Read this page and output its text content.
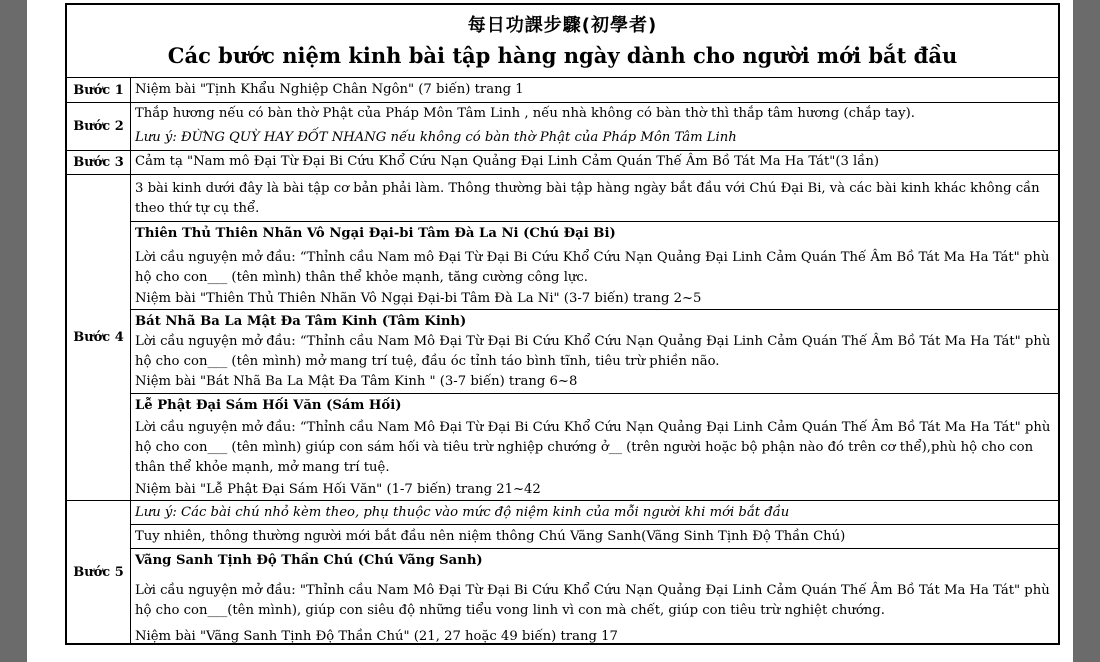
每日功課步驟(初學者)
Các bước niệm kinh bài tập hàng ngày dành cho người mới bắt đầu
Bước 1
Bước 2
Bước 3
Bước 4
Bước 5
Niệm bài "Tịnh Khẩu Nghiệp Chân Ngôn" (7 biến) trang 1
Thắp hương nếu có bàn thờ Phật của Pháp Môn Tâm Linh , nếu nhà không có bàn thờ thì thắp tâm hương (chắp tay).
Lưu ý: ĐỪNG QUỲ HAY ĐỐT NHANG nếu không có bàn thờ Phật của Pháp Môn Tâm Linh
Cảm tạ "Nam mô Đại Từ Đại Bi Cứu Khổ Cứu Nạn Quảng Đại Linh Cảm Quán Thế Âm Bồ Tát Ma Ha Tát"(3 lần)
3 bài kinh dưới đây là bài tập cơ bản phải làm. Thông thường bài tập hàng ngày bắt đầu với Chú Đại Bi, và các bài kinh khác không cần theo thứ tự cụ thể.
Thiên Thủ Thiên Nhãn Vô Ngại Đại-bi Tâm Đà La Ni (Chú Đại Bi)
Lời cầu nguyện mở đầu: “Thỉnh cầu Nam mô Đại Từ Đại Bi Cứu Khổ Cứu Nạn Quảng Đại Linh Cảm Quán Thế Âm Bồ Tát Ma Ha Tát" phù hộ cho con___ (tên mình) thân thể khỏe mạnh, tăng cường công lực.
Niệm bài "Thiên Thủ Thiên Nhãn Vô Ngại Đại-bi Tâm Đà La Ni" (3-7 biến) trang 2~5
Bát Nhã Ba La Mật Đa Tâm Kinh (Tâm Kinh)
Lời cầu nguyện mở đầu: “Thỉnh cầu Nam Mô Đại Từ Đại Bi Cứu Khổ Cứu Nạn Quảng Đại Linh Cảm Quán Thế Âm Bồ Tát Ma Ha Tát" phù hộ cho con___ (tên mình) mở mang trí tuệ, đầu óc tỉnh táo bình tĩnh, tiêu trừ phiền não.
Niệm bài "Bát Nhã Ba La Mật Đa Tâm Kinh " (3-7 biến) trang 6~8
Lễ Phật Đại Sám Hối Văn (Sám Hối)
Lời cầu nguyện mở đầu: “Thỉnh cầu Nam Mô Đại Từ Đại Bi Cứu Khổ Cứu Nạn Quảng Đại Linh Cảm Quán Thế Âm Bồ Tát Ma Ha Tát" phù hộ cho con___ (tên mình) giúp con sám hối và tiêu trừ nghiệp chướng ở__ (trên người hoặc bộ phận nào đó trên cơ thể),phù hộ cho con thân thể khỏe mạnh, mở mang trí tuệ.
Niệm bài "Lễ Phật Đại Sám Hối Văn" (1-7 biến) trang 21~42
Lưu ý: Các bài chú nhỏ kèm theo, phụ thuộc vào mức độ niệm kinh của mỗi người khi mới bắt đầu
Tuy nhiên, thông thường người mới bắt đầu nên niệm thông Chú Vãng Sanh(Vãng Sinh Tịnh Độ Thần Chú)
Vãng Sanh Tịnh Độ Thần Chú (Chú Vãng Sanh)
Lời cầu nguyện mở đầu: "Thỉnh cầu Nam Mô Đại Từ Đại Bi Cứu Khổ Cứu Nạn Quảng Đại Linh Cảm Quán Thế Âm Bồ Tát Ma Ha Tát" phù hộ cho con___(tên mình), giúp con siêu độ những tiểu vong linh vì con mà chết, giúp con tiêu trừ nghiệt chướng.
Niệm bài "Vãng Sanh Tịnh Độ Thần Chú" (21, 27 hoặc 49 biến) trang 17
